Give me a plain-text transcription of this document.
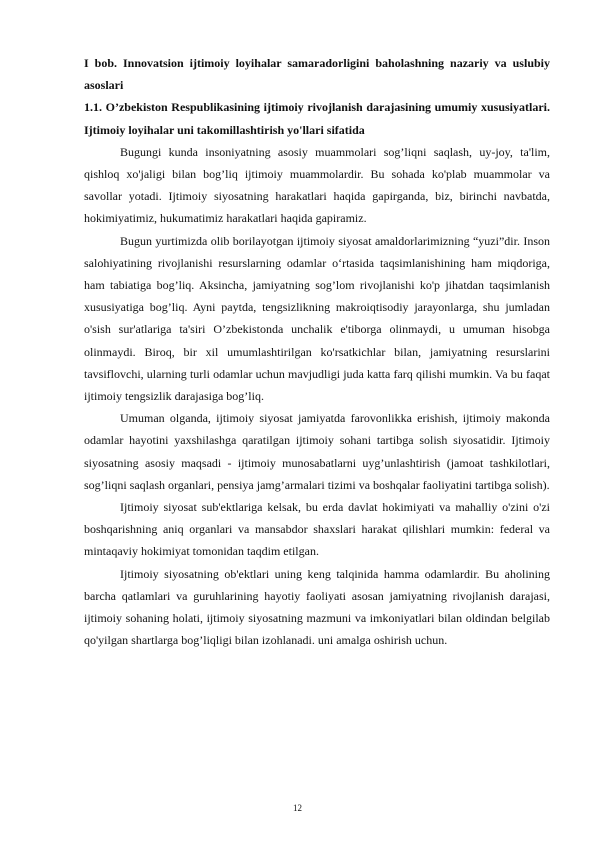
I bob. Innovatsion ijtimoiy loyihalar samaradorligini baholashning nazariy va uslubiy asoslari

1.1. O’zbekiston Respublikasining ijtimoiy rivojlanish darajasining umumiy xususiyatlari. Ijtimoiy loyihalar uni takomillashtirish yo'llari sifatida

Bugungi kunda insoniyatning asosiy muammolari sog’liqni saqlash, uy-joy, ta'lim, qishloq xo'jaligi bilan bog’liq ijtimoiy muammolardir. Bu sohada ko'plab muammolar va savollar yotadi. Ijtimoiy siyosatning harakatlari haqida gapirganda, biz, birinchi navbatda, hokimiyatimiz, hukumatimiz harakatlari haqida gapiramiz.

Bugun yurtimizda olib borilayotgan ijtimoiy siyosat amaldorlarimizning “yuzi”dir. Inson salohiyatining rivojlanishi resurslarning odamlar o‘rtasida taqsimlanishining ham miqdoriga, ham tabiatiga bog’liq. Aksincha, jamiyatning sog’lom rivojlanishi ko'p jihatdan taqsimlanish xususiyatiga bog’liq. Ayni paytda, tengsizlikning makroiqtisodiy jarayonlarga, shu jumladan o'sish sur'atlariga ta'siri O’zbekistonda unchalik e'tiborga olinmaydi, u umuman hisobga olinmaydi. Biroq, bir xil umumlashtirilgan ko'rsatkichlar bilan, jamiyatning resurslarini tavsiflovchi, ularning turli odamlar uchun mavjudligi juda katta farq qilishi mumkin. Va bu faqat ijtimoiy tengsizlik darajasiga bog’liq.

Umuman olganda, ijtimoiy siyosat jamiyatda farovonlikka erishish, ijtimoiy makonda odamlar hayotini yaxshilashga qaratilgan ijtimoiy sohani tartibga solish siyosatidir. Ijtimoiy siyosatning asosiy maqsadi - ijtimoiy munosabatlarni uyg’unlashtirish (jamoat tashkilotlari, sog’liqni saqlash organlari, pensiya jamg’armalari tizimi va boshqalar faoliyatini tartibga solish).

Ijtimoiy siyosat sub'ektlariga kelsak, bu erda davlat hokimiyati va mahalliy o'zini o'zi boshqarishning aniq organlari va mansabdor shaxslari harakat qilishlari mumkin: federal va mintaqaviy hokimiyat tomonidan taqdim etilgan.

Ijtimoiy siyosatning ob'ektlari uning keng talqinida hamma odamlardir. Bu aholining barcha qatlamlari va guruhlarining hayotiy faoliyati asosan jamiyatning rivojlanish darajasi, ijtimoiy sohaning holati, ijtimoiy siyosatning mazmuni va imkoniyatlari bilan oldindan belgilab qo'yilgan shartlarga bog’liqligi bilan izohlanadi. uni amalga oshirish uchun.

12
